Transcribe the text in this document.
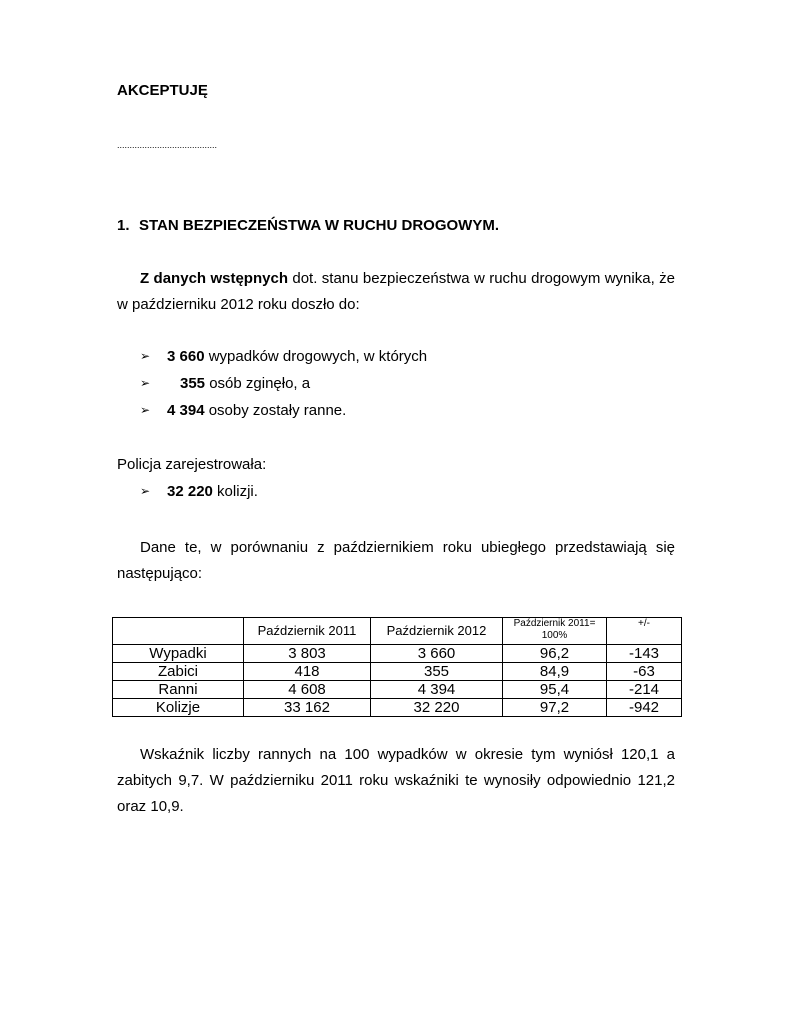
AKCEPTUJĘ
........................................
1. STAN BEZPIECZEŃSTWA W RUCHU DROGOWYM.
Z danych wstępnych dot. stanu bezpieczeństwa w ruchu drogowym wynika, że w październiku 2012 roku doszło do:
➢ 3 660 wypadków drogowych, w których
➢ 355 osób zginęło, a
➢ 4 394 osoby zostały ranne.
Policja zarejestrowała:
➢ 32 220 kolizji.
Dane te, w porównaniu z październikiem roku ubiegłego przedstawiają się następująco:
	Październik 2011	Październik 2012	Październik 2011= 100%	+/-
Wypadki	3 803	3 660	96,2	-143
Zabici	418	355	84,9	-63
Ranni	4 608	4 394	95,4	-214
Kolizje	33 162	32 220	97,2	-942
Wskaźnik liczby rannych na 100 wypadków w okresie tym wyniósł 120,1 a zabitych 9,7. W październiku 2011 roku wskaźniki te wynosiły odpowiednio 121,2 oraz 10,9.
